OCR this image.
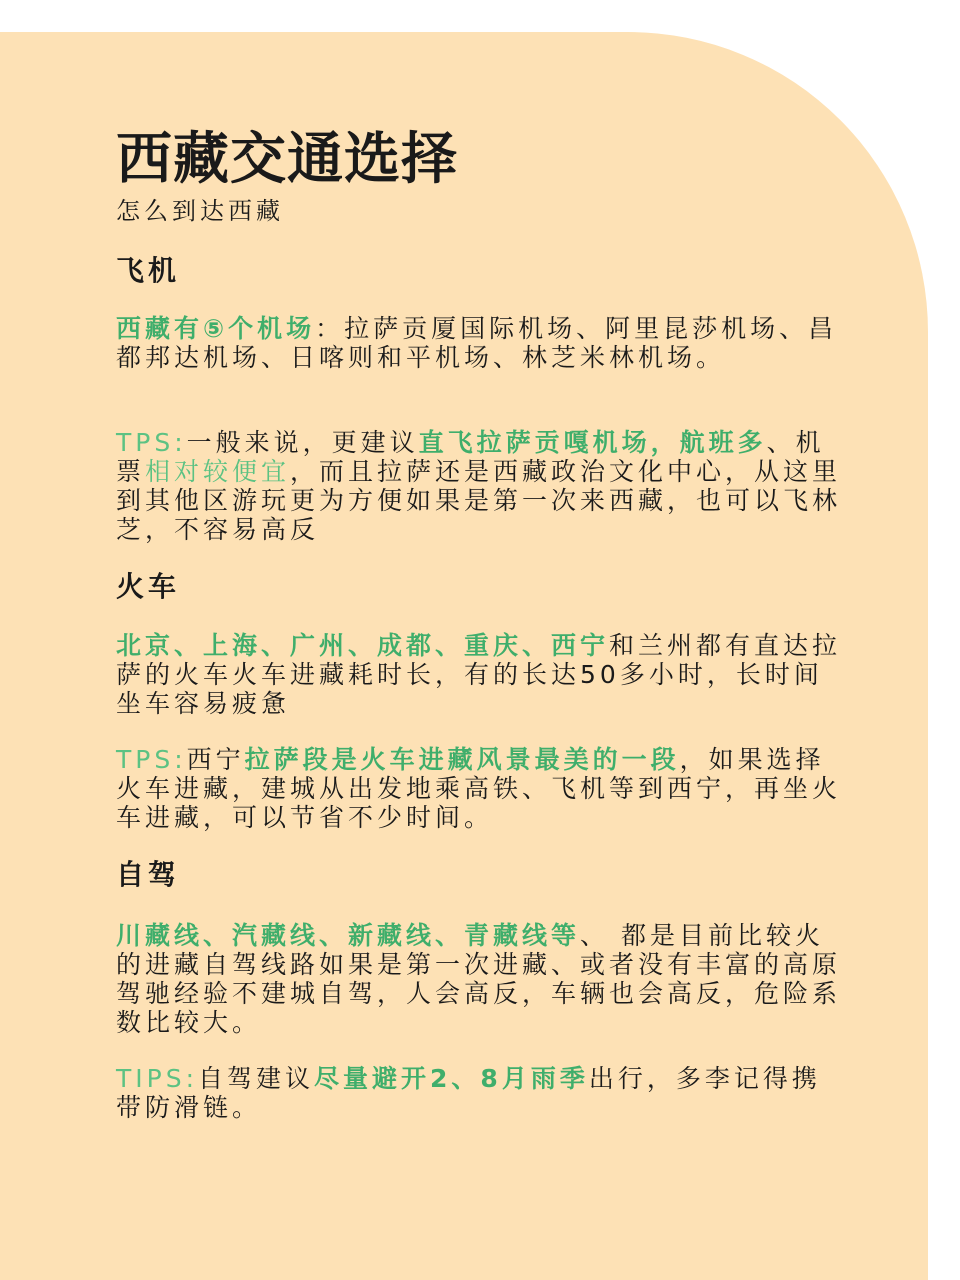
西藏交通选择

怎么到达西藏

飞机

西藏有⑤个机场：拉萨贡厦国际机场、阿里昆莎机场、昌都邦达机场、日喀则和平机场、林芝米林机场。

TPS:一般来说，更建议直飞拉萨贡嘎机场，航班多、机票相对较便宜，而且拉萨还是西藏政治文化中心，从这里到其他区游玩更为方便如果是第一次来西藏，也可以飞林芝，不容易高反

火车

北京、上海、广州、成都、重庆、西宁和兰州都有直达拉萨的火车火车进藏耗时长，有的长达50多小时，长时间坐车容易疲惫

TPS:西宁拉萨段是火车进藏风景最美的一段，如果选择火车进藏，建城从出发地乘高铁、飞机等到西宁，再坐火车进藏，可以节省不少时间。

自驾

川藏线、汽藏线、新藏线、青藏线等、 都是目前比较火的进藏自驾线路如果是第一次进藏、或者没有丰富的高原驾驰经验不建城自驾，人会高反，车辆也会高反，危险系数比较大。

TIPS:自驾建议尽量避开2、8月雨季出行，多李记得携带防滑链。
